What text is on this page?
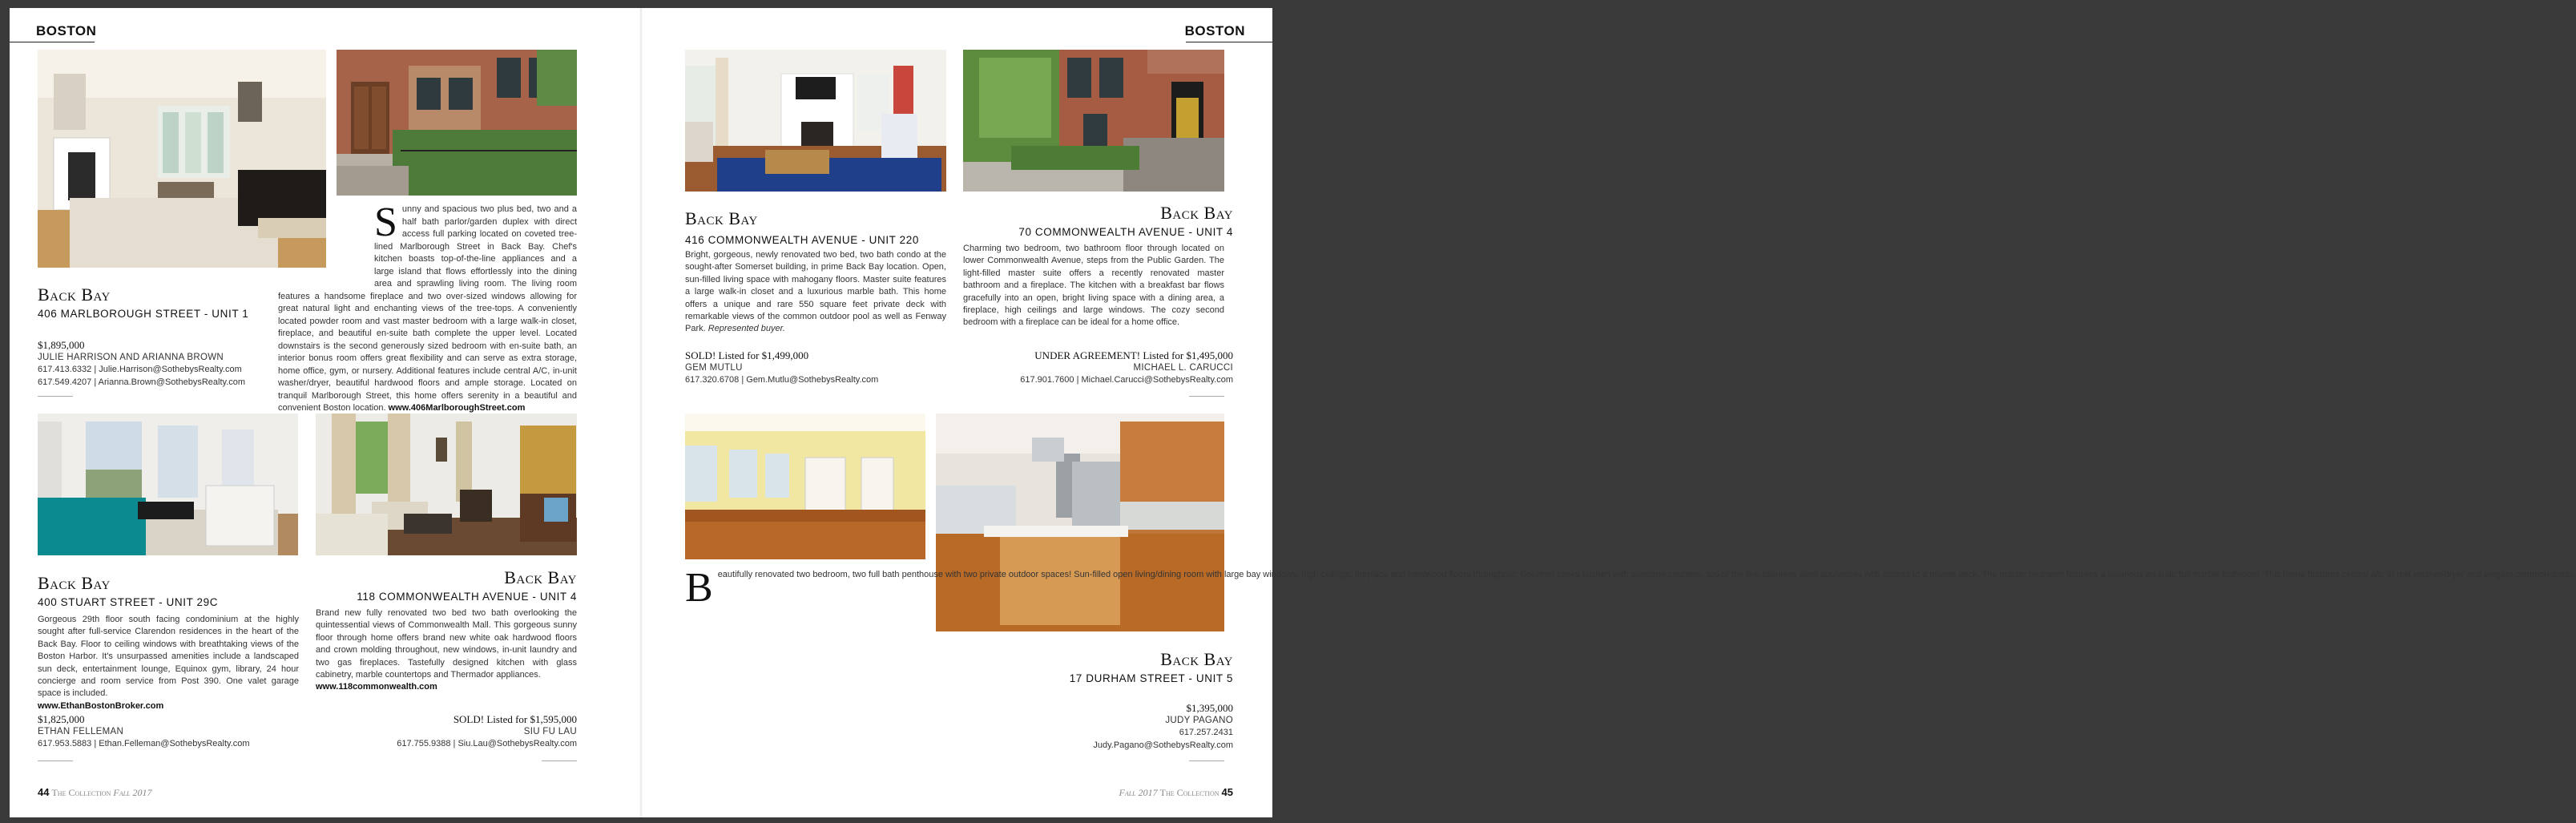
BOSTON	BOSTON
Sunny and spacious two plus bed, two and a half bath parlor/garden duplex with direct access full parking located on coveted tree-lined Marlborough Street in Back Bay. Chef's kitchen boasts top-of-the-line appliances and a large island that flows effortlessly into the dining area and sprawling living room. The living room features a handsome fireplace and two over-sized windows allowing for great natural light and enchanting views of the tree-tops. A conveniently located powder room and vast master bedroom with a large walk-in closet, fireplace, and beautiful en-suite bath complete the upper level. Located downstairs is the second generously sized bedroom with en-suite bath, an interior bonus room offers great flexibility and can serve as extra storage, home office, gym, or nursery. Additional features include central A/C, in-unit washer/dryer, beautiful hardwood floors and ample storage. Located on tranquil Marlborough Street, this home offers serenity in a beautiful and convenient Boston location. www.406MarlboroughStreet.com
Back Bay
406 MARLBOROUGH STREET - UNIT 1
$1,895,000
JULIE HARRISON AND ARIANNA BROWN
617.413.6332 | Julie.Harrison@SothebysRealty.com
617.549.4207 | Arianna.Brown@SothebysRealty.com
Back Bay
416 COMMONWEALTH AVENUE - UNIT 220
Bright, gorgeous, newly renovated two bed, two bath condo at the sought-after Somerset building, in prime Back Bay location. Open, sun-filled living space with mahogany floors. Master suite features a large walk-in closet and a luxurious marble bath. This home offers a unique and rare 550 square feet private deck with remarkable views of the common outdoor pool as well as Fenway Park. Represented buyer.
SOLD! Listed for $1,499,000
GEM MUTLU
617.320.6708 | Gem.Mutlu@SothebysRealty.com
Back Bay
70 COMMONWEALTH AVENUE - UNIT 4
Charming two bedroom, two bathroom floor through located on lower Commonwealth Avenue, steps from the Public Garden. The light-filled master suite offers a recently renovated master bathroom and a fireplace. The kitchen with a breakfast bar flows gracefully into an open, bright living space with a dining area, a fireplace, high ceilings and large windows. The cozy second bedroom with a fireplace can be ideal for a home office.
UNDER AGREEMENT! Listed for $1,495,000
MICHAEL L. CARUCCI
617.901.7600 | Michael.Carucci@SothebysRealty.com
Back Bay
400 STUART STREET - UNIT 29C
Gorgeous 29th floor south facing condominium at the highly sought after full-service Clarendon residences in the heart of the Back Bay. Floor to ceiling windows with breathtaking views of the Boston Harbor. It's unsurpassed amenities include a landscaped sun deck, entertainment lounge, Equinox gym, library, 24 hour concierge and room service from Post 390. One valet garage space is included.
www.EthanBostonBroker.com
$1,825,000
ETHAN FELLEMAN
617.953.5883 | Ethan.Felleman@SothebysRealty.com
Back Bay
118 COMMONWEALTH AVENUE - UNIT 4
Brand new fully renovated two bed two bath overlooking the quintessential views of Commonwealth Mall. This gorgeous sunny floor through home offers brand new white oak hardwood floors and crown molding throughout, new windows, in-unit laundry and two gas fireplaces. Tastefully designed kitchen with glass cabinetry, marble countertops and Thermador appliances.
www.118commonwealth.com
SOLD! Listed for $1,595,000
SIU FU LAU
617.755.9388 | Siu.Lau@SothebysRealty.com
Beautifully renovated two bedroom, two full bath penthouse with two private outdoor spaces! Sun-filled open living/dining room with large bay windows, high ceilings, fireplace and hardwood floors throughout. Gourmet cooks kitchen with silestone counters, top of the line stainless steel appliances with access to a private deck. The master bedroom features a luxurious en suite full marble bathroom. This home features central a/c, in unit washer/dryer and elegant common areas.
Back Bay
17 DURHAM STREET - UNIT 5
$1,395,000
JUDY PAGANO
617.257.2431
Judy.Pagano@SothebysRealty.com
44 The Collection Fall 2017	Fall 2017 The Collection 45
